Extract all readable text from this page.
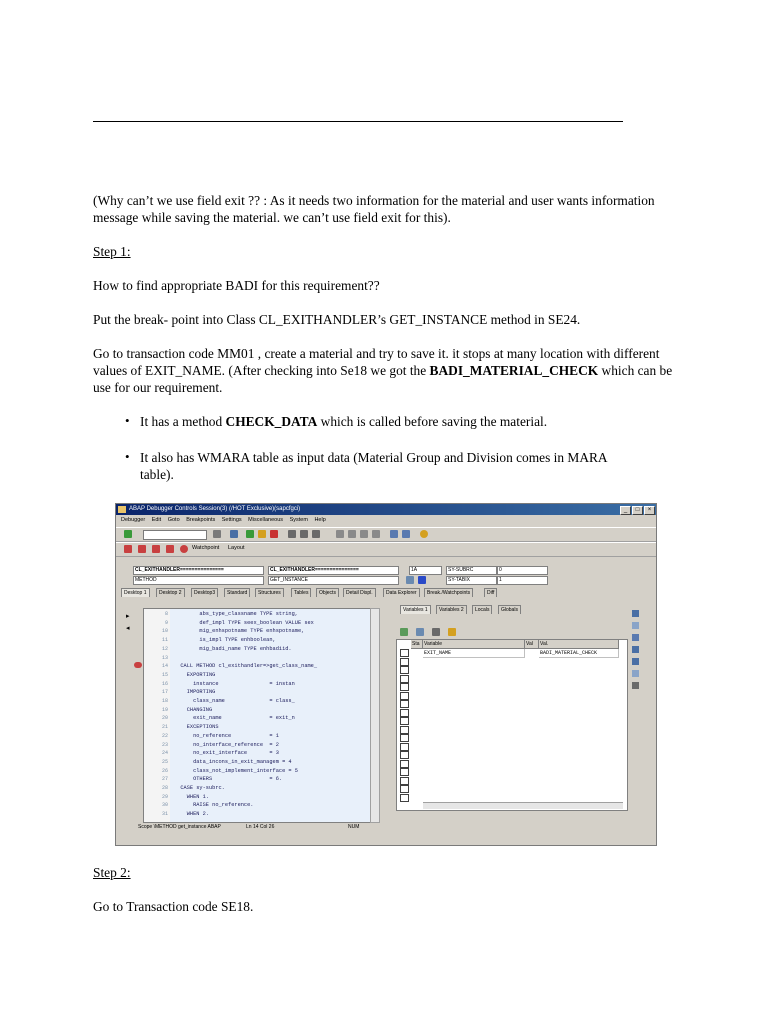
(Why can’t we use field exit ?? : As it needs two information for the material and user wants information message while saving the material. we can’t use field exit for this).
Step 1:
How to find appropriate BADI for this requirement??
Put the break- point into Class CL_EXITHANDLER’s GET_INSTANCE method in SE24.
Go to transaction code MM01 , create a material and try to save it. it stops at many location with different values of EXIT_NAME. (After checking into Se18 we got the BADI_MATERIAL_CHECK which can be use for our requirement.
• It has a method CHECK_DATA which is called before saving the material.
• It also has WMARA table as input data (Material Group and Division comes in MARA table).
ABAP Debugger Controls Session(3) (/HOT Exclusive)(sapcfgci)	_	□	×
Debugger Edit Goto Breakpoints Settings Miscellaneous System Help
Watchpoint Layout
CL_EXITHANDLER===============	CL_EXITHANDLER===============	1A	SY-SUBRC	0
METHOD	GET_INSTANCE	SY-TABIX	1
Desktop 1	Desktop 2	Desktop3	Standard	Structures	Tables	Objects	Detail Displ.	Data Explorer	Break./Watchpoints	Diff
▸
◂
8 abs_type_classname TYPE string,
9 def_impl TYPE seex_boolean VALUE sex
10 mig_enhspotname TYPE enhspotname,
11 is_impl TYPE enhboolean,
12 mig_badi_name TYPE enhbadiid.
13
14 CALL METHOD cl_exithandler=>get_class_name_
15 EXPORTING
16 instance                = instan
17 IMPORTING
18 class_name              = class_
19 CHANGING
20 exit_name               = exit_n
21 EXCEPTIONS
22 no_reference            = 1
23 no_interface_reference  = 2
24 no_exit_interface       = 3
25 data_incons_in_exit_managem = 4
26 class_not_implement_interface = 5
27 OTHERS                  = 6.
28 CASE sy-subrc.
29 WHEN 1.
30 RAISE no_reference.
31 WHEN 2.
Variables 1	Variables 2	Locals	Globals
Sta Variable	Val	Val.
EXIT_NAME	BADI_MATERIAL_CHECK
Scope \METHOD get_instance ABAP	Ln 14 Col 26	NUM
Step 2:
Go to Transaction code SE18.
